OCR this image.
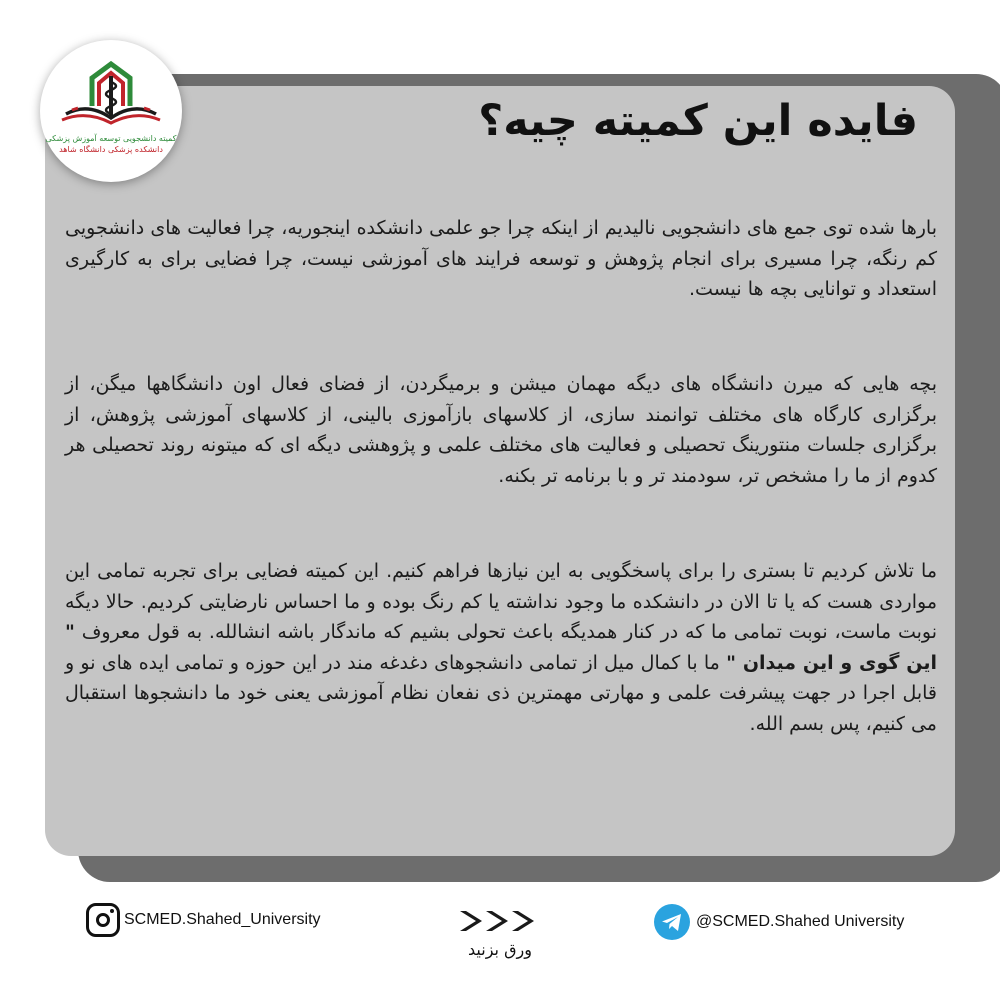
کمیته دانشجویی توسعه آموزش پزشکی
دانشکده پزشکی دانشگاه شاهد
فایده این کمیته چیه؟
بارها شده توی جمع های دانشجویی نالیدیم از اینکه چرا جو علمی دانشکده اینجوریه، چرا فعالیت های دانشجویی کم رنگه، چرا مسیری برای انجام پژوهش و توسعه فرایند های آموزشی نیست، چرا فضایی برای به کارگیری استعداد و توانایی بچه ها نیست.
بچه هایی که میرن دانشگاه های دیگه مهمان میشن و برمیگردن، از فضای فعال اون دانشگاهها میگن، از برگزاری کارگاه های مختلف توانمند سازی، از کلاسهای بازآموزی بالینی، از کلاسهای آموزشی پژوهش، از برگزاری جلسات منتورینگ تحصیلی و فعالیت های مختلف علمی و پژوهشی دیگه ای که میتونه روند تحصیلی هر کدوم از ما را مشخص تر، سودمند تر و با برنامه تر بکنه.
ما تلاش کردیم تا بستری را برای پاسخگویی به این نیازها فراهم کنیم. این کمیته فضایی برای تجربه تمامی این مواردی هست که یا تا الان در دانشکده ما وجود نداشته یا کم رنگ بوده و ما احساس نارضایتی کردیم. حالا دیگه نوبت ماست، نوبت تمامی ما که در کنار همدیگه باعث تحولی بشیم که ماندگار باشه انشالله. به قول معروف " این گوی و این میدان " ما با کمال میل از تمامی دانشجوهای دغدغه مند در این حوزه و تمامی ایده های نو و قابل اجرا در جهت پیشرفت علمی و مهارتی مهمترین ذی نفعان نظام آموزشی یعنی خود ما دانشجوها استقبال می کنیم، پس بسم الله.
SCMED.Shahed_University
ورق بزنید
@SCMED.Shahed University
